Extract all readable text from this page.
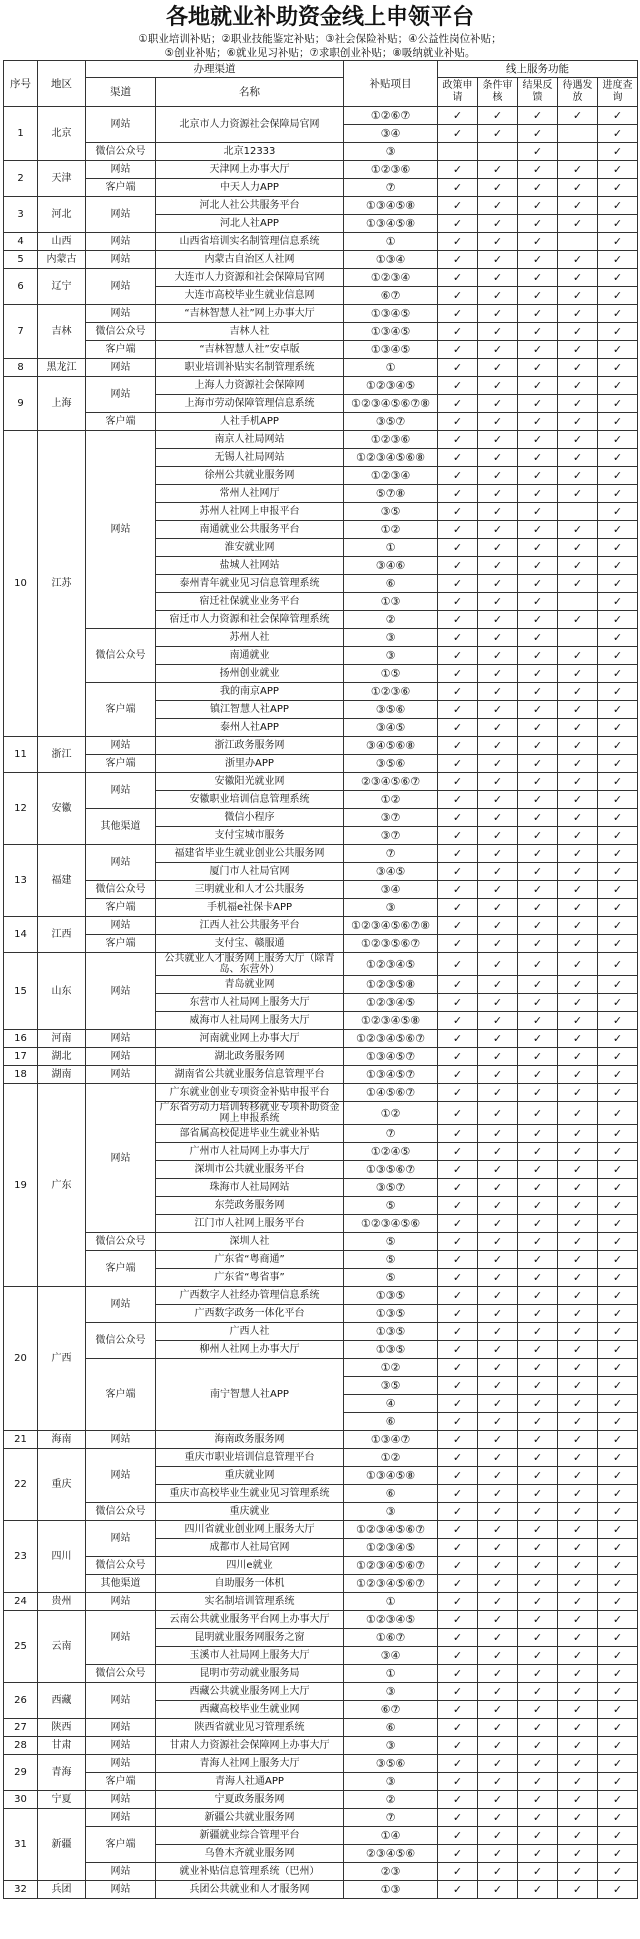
各地就业补助资金线上申领平台
①职业培训补贴；②职业技能鉴定补贴；③社会保险补贴；④公益性岗位补贴；
⑤创业补贴；⑥就业见习补贴；⑦求职创业补贴；⑧吸纳就业补贴。
序号	地区	办理渠道		补贴项目	线上服务功能				
		渠道	名称		政策申请	条件审核	结果反馈	待遇发放	进度查询
1	北京	网站	北京市人力资源社会保障局官网	①②⑥⑦	✓	✓	✓	✓	✓
				③④	✓	✓	✓		✓
		微信公众号	北京12333	③			✓		✓
2	天津	网站	天津网上办事大厅	①②③⑥	✓	✓	✓	✓	✓
		客户端	中天人力APP	⑦	✓	✓	✓	✓	✓
3	河北	网站	河北人社公共服务平台	①③④⑤⑧	✓	✓	✓	✓	✓
			河北人社APP	①③④⑤⑧	✓	✓	✓	✓	✓
4	山西	网站	山西省培训实名制管理信息系统	①	✓	✓	✓		✓
5	内蒙古	网站	内蒙古自治区人社网	①③④	✓	✓	✓	✓	✓
6	辽宁	网站	大连市人力资源和社会保障局官网	①②③④	✓	✓	✓	✓	✓
			大连市高校毕业生就业信息网	⑥⑦	✓	✓	✓	✓	✓
7	吉林	网站	“吉林智慧人社”网上办事大厅	①③④⑤	✓	✓	✓	✓	✓
		微信公众号	吉林人社	①③④⑤	✓	✓	✓	✓	✓
		客户端	“吉林智慧人社”安卓版	①③④⑤	✓	✓	✓	✓	✓
8	黑龙江	网站	职业培训补贴实名制管理系统	①	✓	✓	✓	✓	✓
9	上海	网站	上海人力资源社会保障网	①②③④⑤	✓	✓	✓	✓	✓
			上海市劳动保障管理信息系统	①②③④⑤⑥⑦⑧	✓	✓	✓	✓	✓
		客户端	人社手机APP	③⑤⑦	✓	✓	✓	✓	✓
10	江苏	网站	南京人社局网站	①②③⑥	✓	✓	✓	✓	✓
			无锡人社局网站	①②③④⑤⑥⑧	✓	✓	✓	✓	✓
			徐州公共就业服务网	①②③④	✓	✓	✓	✓	✓
			常州人社网厅	⑤⑦⑧	✓	✓	✓	✓	✓
			苏州人社网上申报平台	③⑤	✓	✓	✓		✓
			南通就业公共服务平台	①②	✓	✓	✓	✓	✓
			淮安就业网	①	✓	✓	✓	✓	✓
			盐城人社网站	③④⑥	✓	✓	✓	✓	✓
			泰州青年就业见习信息管理系统	⑥	✓	✓	✓	✓	✓
			宿迁社保就业业务平台	①③	✓	✓	✓		✓
			宿迁市人力资源和社会保障管理系统	②	✓	✓	✓	✓	✓
		微信公众号	苏州人社	③	✓	✓	✓		✓
			南通就业	③	✓	✓	✓	✓	✓
			扬州创业就业	①⑤	✓	✓	✓	✓	✓
		客户端	我的南京APP	①②③⑥	✓	✓	✓	✓	✓
			镇江智慧人社APP	③⑤⑥	✓	✓	✓	✓	✓
			泰州人社APP	③④⑤	✓	✓	✓	✓	✓
11	浙江	网站	浙江政务服务网	③④⑤⑥⑧	✓	✓	✓	✓	✓
		客户端	浙里办APP	③⑤⑥	✓	✓	✓	✓	✓
12	安徽	网站	安徽阳光就业网	②③④⑤⑥⑦	✓	✓	✓	✓	✓
			安徽职业培训信息管理系统	①②	✓	✓	✓	✓	✓
		其他渠道	微信小程序	③⑦	✓	✓	✓	✓	✓
			支付宝城市服务	③⑦	✓	✓	✓	✓	✓
13	福建	网站	福建省毕业生就业创业公共服务网	⑦	✓	✓	✓	✓	✓
			厦门市人社局官网	③④⑤	✓	✓	✓	✓	✓
		微信公众号	三明就业和人才公共服务	③④	✓	✓	✓	✓	✓
		客户端	手机福e社保卡APP	③	✓	✓	✓	✓	✓
14	江西	网站	江西人社公共服务平台	①②③④⑤⑥⑦⑧	✓	✓	✓	✓	✓
		客户端	支付宝、赣服通	①②③⑤⑥⑦	✓	✓	✓	✓	✓
15	山东	网站	公共就业人才服务网上服务大厅（除青岛、东营外）	①②③④⑤	✓	✓	✓	✓	✓
			青岛就业网	①②③⑤⑧	✓	✓	✓	✓	✓
			东营市人社局网上服务大厅	①②③④⑤	✓	✓	✓	✓	✓
			威海市人社局网上服务大厅	①②③④⑤⑧	✓	✓	✓	✓	✓
16	河南	网站	河南就业网上办事大厅	①②③④⑤⑥⑦	✓	✓	✓	✓	✓
17	湖北	网站	湖北政务服务网	①③④⑤⑦	✓	✓	✓	✓	✓
18	湖南	网站	湖南省公共就业服务信息管理平台	①③④⑤⑦	✓	✓	✓	✓	✓
19	广东	网站	广东就业创业专项资金补贴申报平台	①④⑤⑥⑦	✓	✓	✓	✓	✓
			广东省劳动力培训转移就业专项补助资金网上申报系统	①②	✓	✓	✓	✓	✓
			部省属高校促进毕业生就业补贴	⑦	✓	✓	✓	✓	✓
			广州市人社局网上办事大厅	①②④⑤	✓	✓	✓	✓	✓
			深圳市公共就业服务平台	①③⑤⑥⑦	✓	✓	✓	✓	✓
			珠海市人社局网站	③⑤⑦	✓	✓	✓	✓	✓
			东莞政务服务网	⑤	✓	✓	✓	✓	✓
			江门市人社网上服务平台	①②③④⑤⑥	✓	✓	✓	✓	✓
		微信公众号	深圳人社	⑤	✓	✓	✓	✓	✓
		客户端	广东省“粤商通”	⑤	✓	✓	✓	✓	✓
			广东省“粤省事”	⑤	✓	✓	✓	✓	✓
20	广西	网站	广西数字人社经办管理信息系统	①③⑤	✓	✓	✓	✓	✓
			广西数字政务一体化平台	①③⑤	✓	✓	✓	✓	✓
		微信公众号	广西人社	①③⑤	✓	✓	✓	✓	✓
			柳州人社网上办事大厅	①③⑤	✓	✓	✓	✓	✓
		客户端	南宁智慧人社APP	①②	✓	✓	✓	✓	✓
				③⑤	✓	✓	✓	✓	✓
				④	✓	✓	✓	✓	✓
				⑥	✓	✓	✓	✓	✓
21	海南	网站	海南政务服务网	①③④⑦	✓	✓	✓	✓	✓
22	重庆	网站	重庆市职业培训信息管理平台	①②	✓	✓	✓	✓	✓
			重庆就业网	①③④⑤⑧	✓	✓	✓	✓	✓
			重庆市高校毕业生就业见习管理系统	⑥	✓	✓	✓	✓	✓
		微信公众号	重庆就业	③	✓	✓	✓	✓	✓
23	四川	网站	四川省就业创业网上服务大厅	①②③④⑤⑥⑦	✓	✓	✓	✓	✓
			成都市人社局官网	①②③④⑤	✓	✓	✓	✓	✓
		微信公众号	四川e就业	①②③④⑤⑥⑦	✓	✓	✓	✓	✓
		其他渠道	自助服务一体机	①②③④⑤⑥⑦	✓	✓	✓	✓	✓
24	贵州	网站	实名制培训管理系统	①	✓	✓	✓	✓	✓
25	云南	网站	云南公共就业服务平台网上办事大厅	①②③④⑤	✓	✓	✓	✓	✓
			昆明就业服务网服务之窗	①⑥⑦	✓	✓	✓	✓	✓
			玉溪市人社局网上服务大厅	③④	✓	✓	✓	✓	✓
		微信公众号	昆明市劳动就业服务局	①	✓	✓	✓	✓	✓
26	西藏	网站	西藏公共就业服务网上大厅	③	✓	✓	✓	✓	✓
			西藏高校毕业生就业网	⑥⑦	✓	✓	✓	✓	✓
27	陕西	网站	陕西省就业见习管理系统	⑥	✓	✓	✓	✓	✓
28	甘肃	网站	甘肃人力资源社会保障网上办事大厅	③	✓	✓	✓	✓	✓
29	青海	网站	青海人社网上服务大厅	③⑤⑥	✓	✓	✓	✓	✓
		客户端	青海人社通APP	③	✓	✓	✓	✓	✓
30	宁夏	网站	宁夏政务服务网	②	✓	✓	✓	✓	✓
31	新疆	网站	新疆公共就业服务网	⑦	✓	✓	✓	✓	✓
		客户端	新疆就业综合管理平台	①④	✓	✓	✓	✓	✓
			乌鲁木齐就业服务网	②③④⑤⑥	✓	✓	✓	✓	✓
		网站	就业补贴信息管理系统（巴州）	②③	✓	✓	✓	✓	✓
32	兵团	网站	兵团公共就业和人才服务网	①③	✓	✓	✓	✓	✓
